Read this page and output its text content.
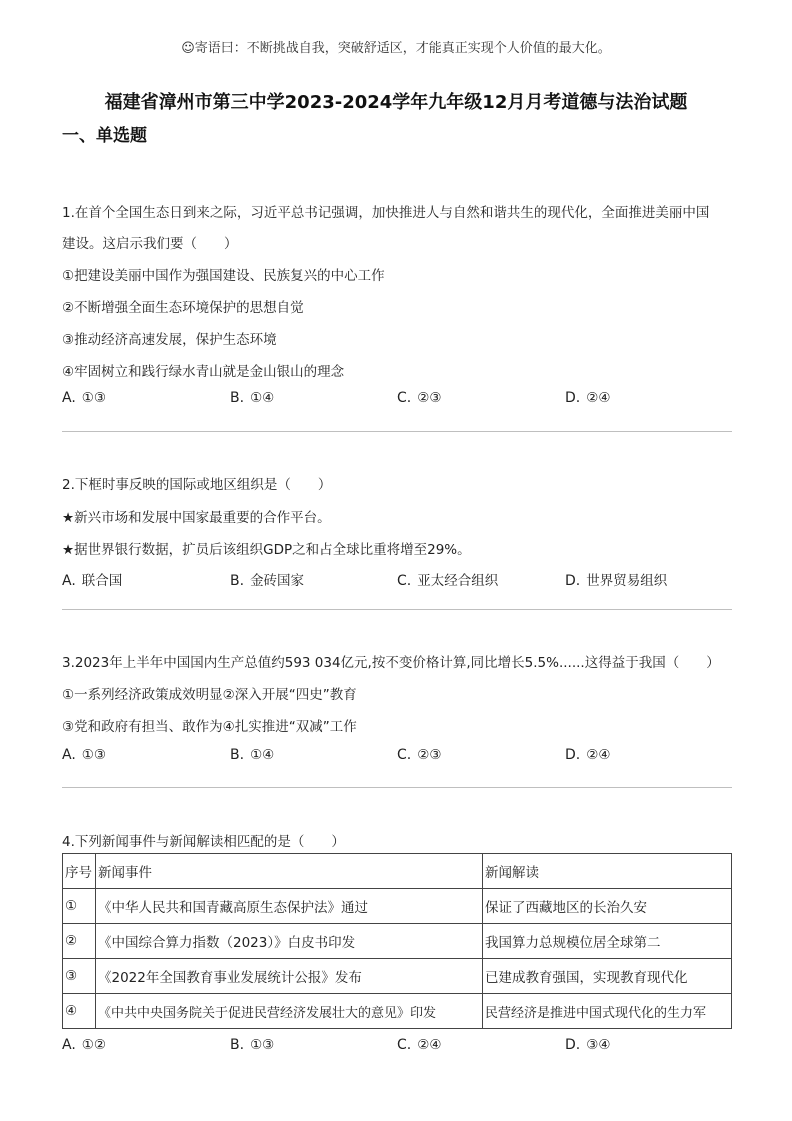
☺寄语曰：不断挑战自我，突破舒适区，才能真正实现个人价值的最大化。
福建省漳州市第三中学2023-2024学年九年级12月月考道德与法治试题
一、单选题
1.在首个全国生态日到来之际，习近平总书记强调，加快推进人与自然和谐共生的现代化，全面推进美丽中国
建设。这启示我们要（　　）
①把建设美丽中国作为强国建设、民族复兴的中心工作
②不断增强全面生态环境保护的思想自觉
③推动经济高速发展，保护生态环境
④牢固树立和践行绿水青山就是金山银山的理念
A. ①③	B. ①④	C. ②③	D. ②④
2.下框时事反映的国际或地区组织是（　　）
★新兴市场和发展中国家最重要的合作平台。
★据世界银行数据，扩员后该组织GDP之和占全球比重将增至29%。
A. 联合国	B. 金砖国家	C. 亚太经合组织	D. 世界贸易组织
3.2023年上半年中国国内生产总值约593 034亿元,按不变价格计算,同比增长5.5%......这得益于我国（　　）
①一系列经济政策成效明显②深入开展“四史”教育
③党和政府有担当、敢作为④扎实推进“双减”工作
A. ①③	B. ①④	C. ②③	D. ②④
4.下列新闻事件与新闻解读相匹配的是（　　）
序号	新闻事件	新闻解读
①	《中华人民共和国青藏高原生态保护法》通过	保证了西藏地区的长治久安
②	《中国综合算力指数（2023）》白皮书印发	我国算力总规模位居全球第二
③	《2022年全国教育事业发展统计公报》发布	已建成教育强国，实现教育现代化
④	《中共中央国务院关于促进民营经济发展壮大的意见》印发	民营经济是推进中国式现代化的生力军
A. ①②	B. ①③	C. ②④	D. ③④
